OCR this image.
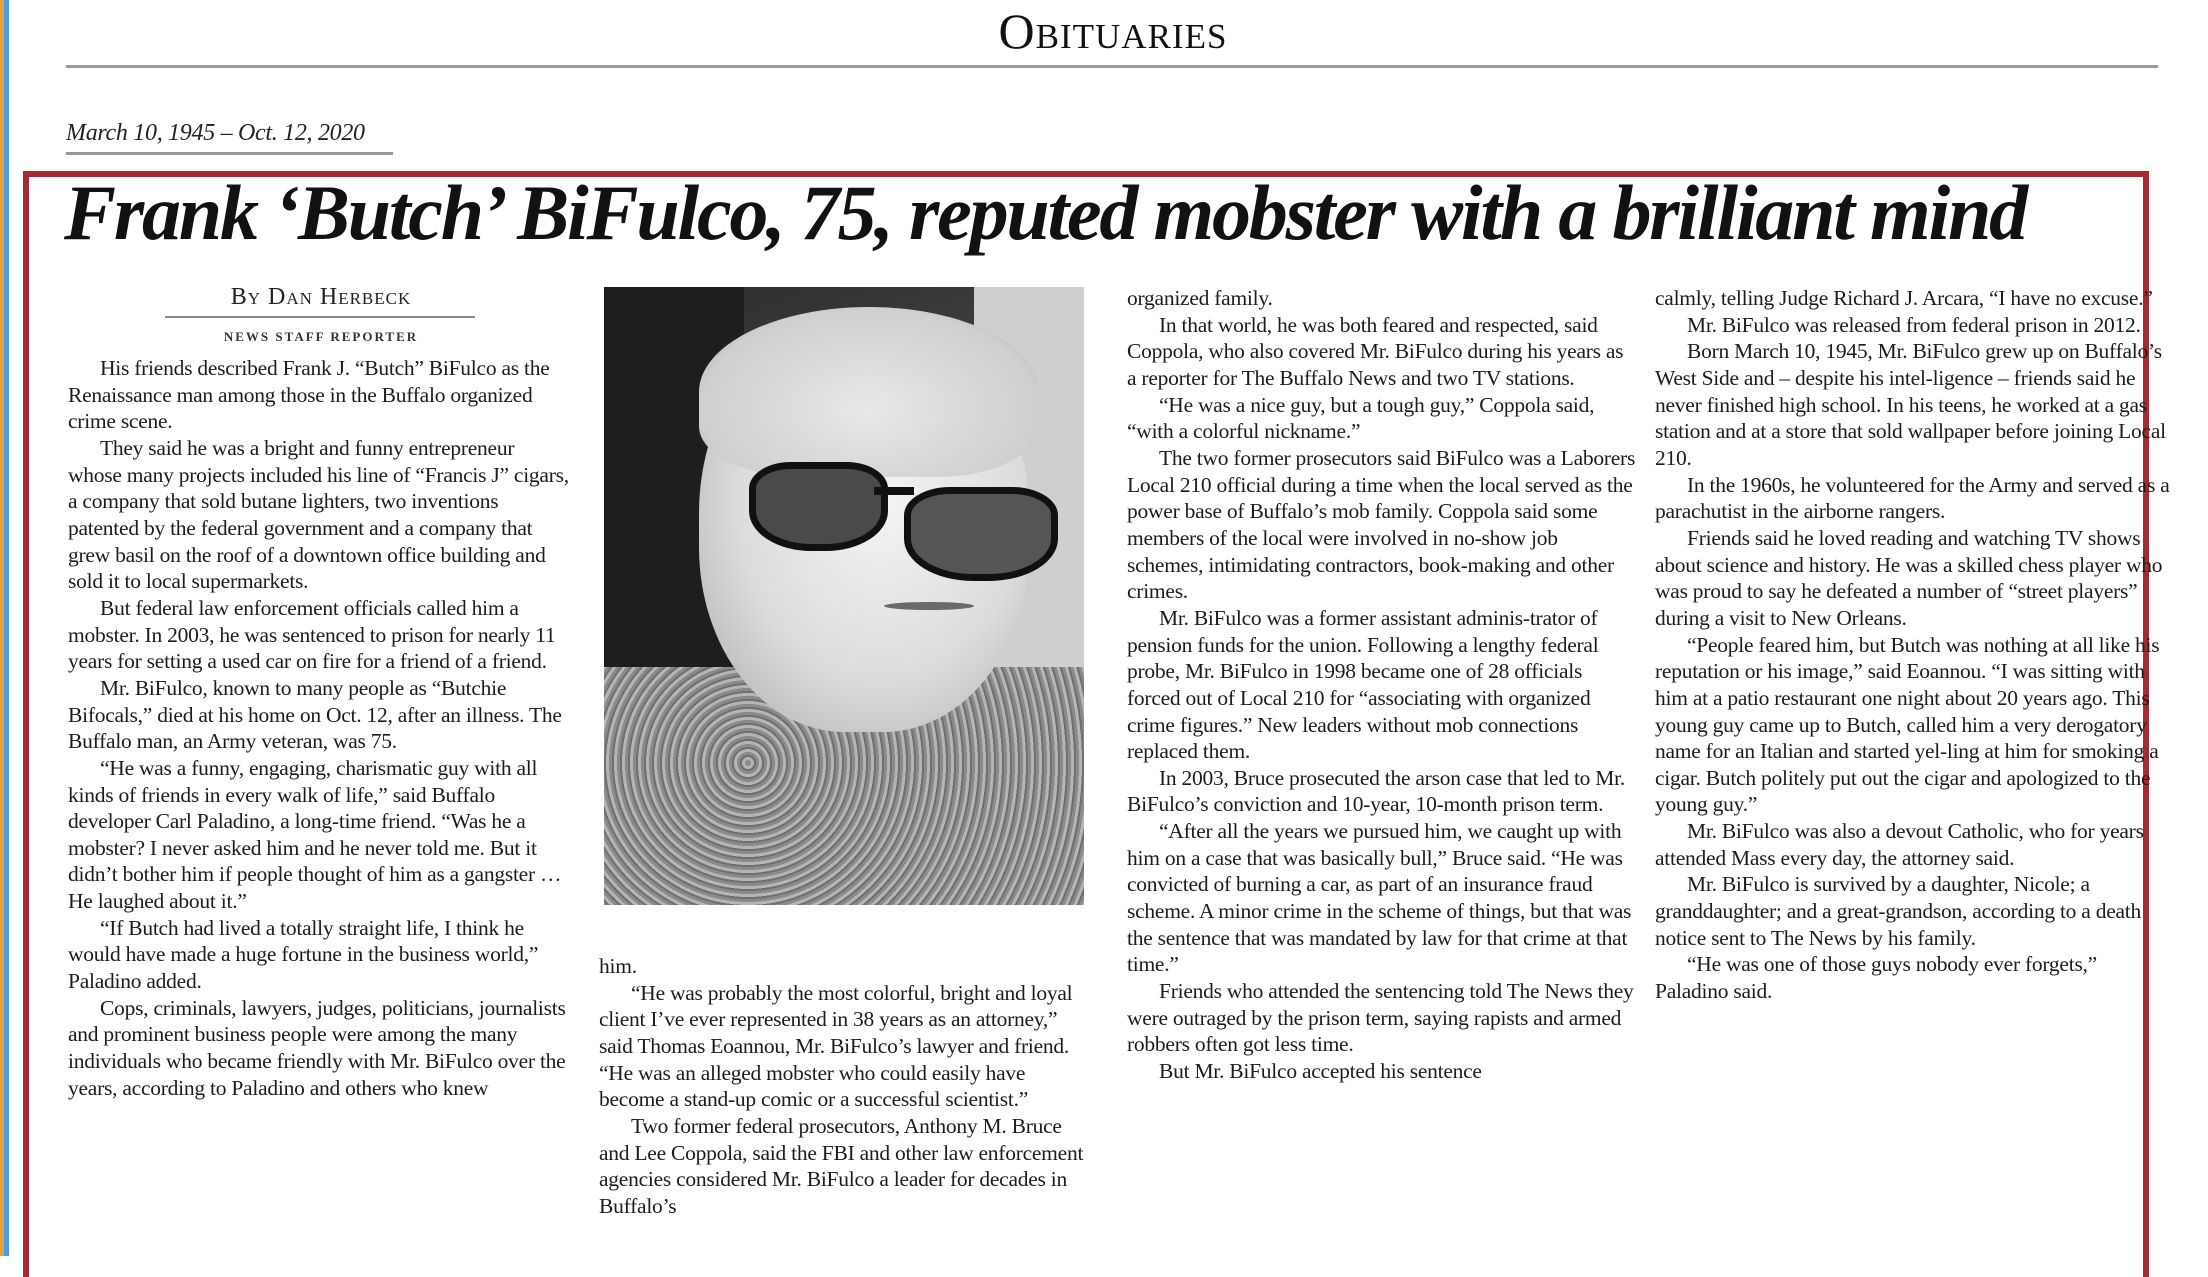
Obituaries
March 10, 1945 – Oct. 12, 2020
Frank ‘Butch’ BiFulco, 75, reputed mobster with a brilliant mind
By Dan Herbeck
NEWS STAFF REPORTER

His friends described Frank J. “Butch” BiFulco as the Renaissance man among those in the Buffalo organized crime scene.

They said he was a bright and funny entrepreneur whose many projects included his line of “Francis J” cigars, a company that sold butane lighters, two inventions patented by the federal government and a company that grew basil on the roof of a downtown office building and sold it to local supermarkets.

But federal law enforcement officials called him a mobster. In 2003, he was sentenced to prison for nearly 11 years for setting a used car on fire for a friend of a friend.

Mr. BiFulco, known to many people as “Butchie Bifocals,” died at his home on Oct. 12, after an illness. The Buffalo man, an Army veteran, was 75.

“He was a funny, engaging, charismatic guy with all kinds of friends in every walk of life,” said Buffalo developer Carl Paladino, a long-time friend. “Was he a mobster? I never asked him and he never told me. But it didn’t bother him if people thought of him as a gangster … He laughed about it.”

“If Butch had lived a totally straight life, I think he would have made a huge fortune in the business world,” Paladino added.

Cops, criminals, lawyers, judges, politicians, journalists and prominent business people were among the many individuals who became friendly with Mr. BiFulco over the years, according to Paladino and others who knew

him.

“He was probably the most colorful, bright and loyal client I’ve ever represented in 38 years as an attorney,” said Thomas Eoannou, Mr. BiFulco’s lawyer and friend. “He was an alleged mobster who could easily have become a stand-up comic or a successful scientist.”

Two former federal prosecutors, Anthony M. Bruce and Lee Coppola, said the FBI and other law enforcement agencies considered Mr. BiFulco a leader for decades in Buffalo’s

organized family.

In that world, he was both feared and respected, said Coppola, who also covered Mr. BiFulco during his years as a reporter for The Buffalo News and two TV stations.

“He was a nice guy, but a tough guy,” Coppola said, “with a colorful nickname.”

The two former prosecutors said BiFulco was a Laborers Local 210 official during a time when the local served as the power base of Buffalo’s mob family. Coppola said some members of the local were involved in no-show job schemes, intimidating contractors, book-making and other crimes.

Mr. BiFulco was a former assistant adminis-trator of pension funds for the union. Following a lengthy federal probe, Mr. BiFulco in 1998 became one of 28 officials forced out of Local 210 for “associating with organized crime figures.” New leaders without mob connections replaced them.

In 2003, Bruce prosecuted the arson case that led to Mr. BiFulco’s conviction and 10-year, 10-month prison term.

“After all the years we pursued him, we caught up with him on a case that was basically bull,” Bruce said. “He was convicted of burning a car, as part of an insurance fraud scheme. A minor crime in the scheme of things, but that was the sentence that was mandated by law for that crime at that time.”

Friends who attended the sentencing told The News they were outraged by the prison term, saying rapists and armed robbers often got less time.

But Mr. BiFulco accepted his sentence

calmly, telling Judge Richard J. Arcara, “I have no excuse.”

Mr. BiFulco was released from federal prison in 2012.

Born March 10, 1945, Mr. BiFulco grew up on Buffalo’s West Side and – despite his intel-ligence – friends said he never finished high school. In his teens, he worked at a gas station and at a store that sold wallpaper before joining Local 210.

In the 1960s, he volunteered for the Army and served as a parachutist in the airborne rangers.

Friends said he loved reading and watching TV shows about science and history. He was a skilled chess player who was proud to say he defeated a number of “street players” during a visit to New Orleans.

“People feared him, but Butch was nothing at all like his reputation or his image,” said Eoannou. “I was sitting with him at a patio restaurant one night about 20 years ago. This young guy came up to Butch, called him a very derogatory name for an Italian and started yel-ling at him for smoking a cigar. Butch politely put out the cigar and apologized to the young guy.”

Mr. BiFulco was also a devout Catholic, who for years attended Mass every day, the attorney said.

Mr. BiFulco is survived by a daughter, Nicole; a granddaughter; and a great-grandson, according to a death notice sent to The News by his family.

“He was one of those guys nobody ever forgets,” Paladino said.
